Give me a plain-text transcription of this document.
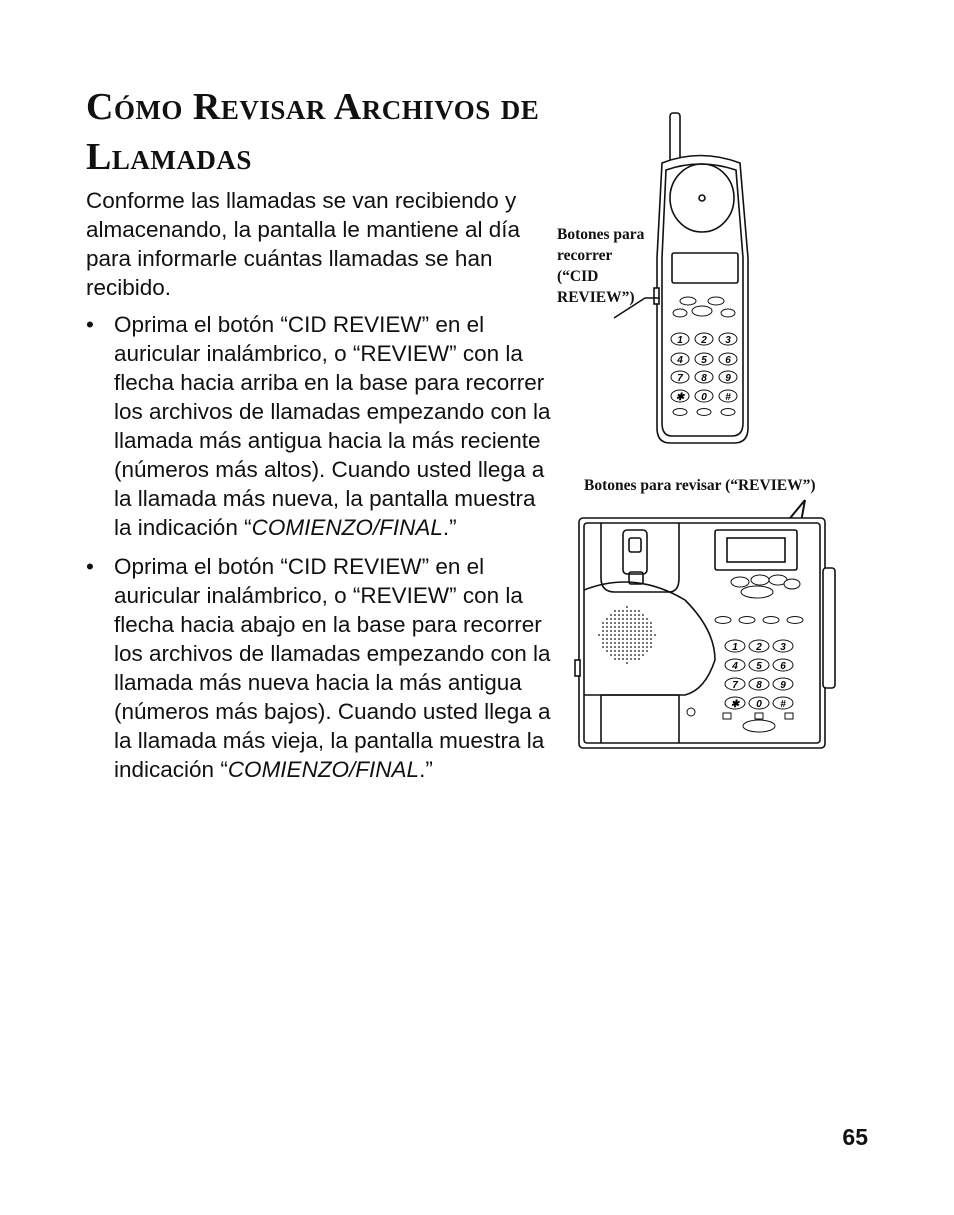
Cómo Revisar Archivos de Llamadas

Conforme las llamadas se van recibiendo y almacenando, la pantalla le mantiene al día para informarle cuántas llamadas se han recibido.

• Oprima el botón “CID REVIEW” en el auricular inalámbrico, o “REVIEW” con la flecha hacia arriba en la base para recorrer los archivos de llamadas empezando con la llamada más antigua hacia la más reciente (números más altos). Cuando usted llega a la llamada más nueva, la pantalla muestra la indicación “COMIENZO/FINAL.”
• Oprima el botón “CID REVIEW” en el auricular inalámbrico, o “REVIEW” con la flecha hacia abajo en la base para recorrer los archivos de llamadas empezando con la llamada más nueva hacia la más antigua (números más bajos). Cuando usted llega a la llamada más vieja, la pantalla muestra la indicación “COMIENZO/FINAL.”
Botones para recorrer (“CID REVIEW”)
1 2 3
4 5 6
7 8 9
✱ 0 #
Botones para revisar (“REVIEW”)
1 2 3
4 5 6
7 8 9
✱ 0 #
65
